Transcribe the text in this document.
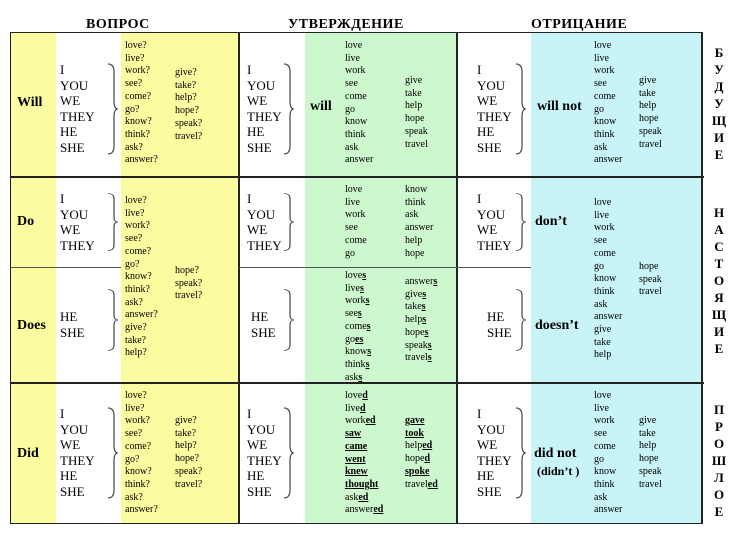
ВОПРОС	УТВЕРЖДЕНИЕ	ОТРИЦАНИЕ
Will
I
YOU
WE
THEY
HE
SHE
love?
live?
work?
see?
come?
go?
know?
think?
ask?
answer?
give?
take?
help?
hope?
speak?
travel?
I
YOU
WE
THEY
HE
SHE
will
love
live
work
see
come
go
know
think
ask
answer
give
take
help
hope
speak
travel
I
YOU
WE
THEY
HE
SHE
will not
love
live
work
see
come
go
know
think
ask
answer
give
take
help
hope
speak
travel
Do
I
YOU
WE
THEY
love?
live?
work?
see?
come?
go?
know?
think?
ask?
answer?
give?
take?
help?
hope?
speak?
travel?
I
YOU
WE
THEY
love
live
work
see
come
go
know
think
ask
answer
help
hope
I
YOU
WE
THEY
don’t
love
live
work
see
come
go
know
think
ask
answer
give
take
help
hope
speak
travel
Does
HE
SHE
HE
SHE
loves
lives
works
sees
comes
goes
knows
thinks
asks
answers
gives
takes
helps
hopes
speaks
travels
HE
SHE doesn’t
Did
I
YOU
WE
THEY
HE
SHE
love?
live?
work?
see?
come?
go?
know?
think?
ask?
answer?
give?
take?
help?
hope?
speak?
travel?
I
YOU
WE
THEY
HE
SHE
loved
lived
worked
saw
came
went
knew
thought
asked
answered
gave
took
helped
hoped
spoke
traveled
I
YOU
WE
THEY
HE
SHE
did not
(didn’t )
love
live
work
see
come
go
know
think
ask
answer
give
take
help
hope
speak
travel
Б
У
Д
У
Щ
И
Е
Н
А
С
Т
О
Я
Щ
И
Е
П
Р
О
Ш
Л
О
Е
